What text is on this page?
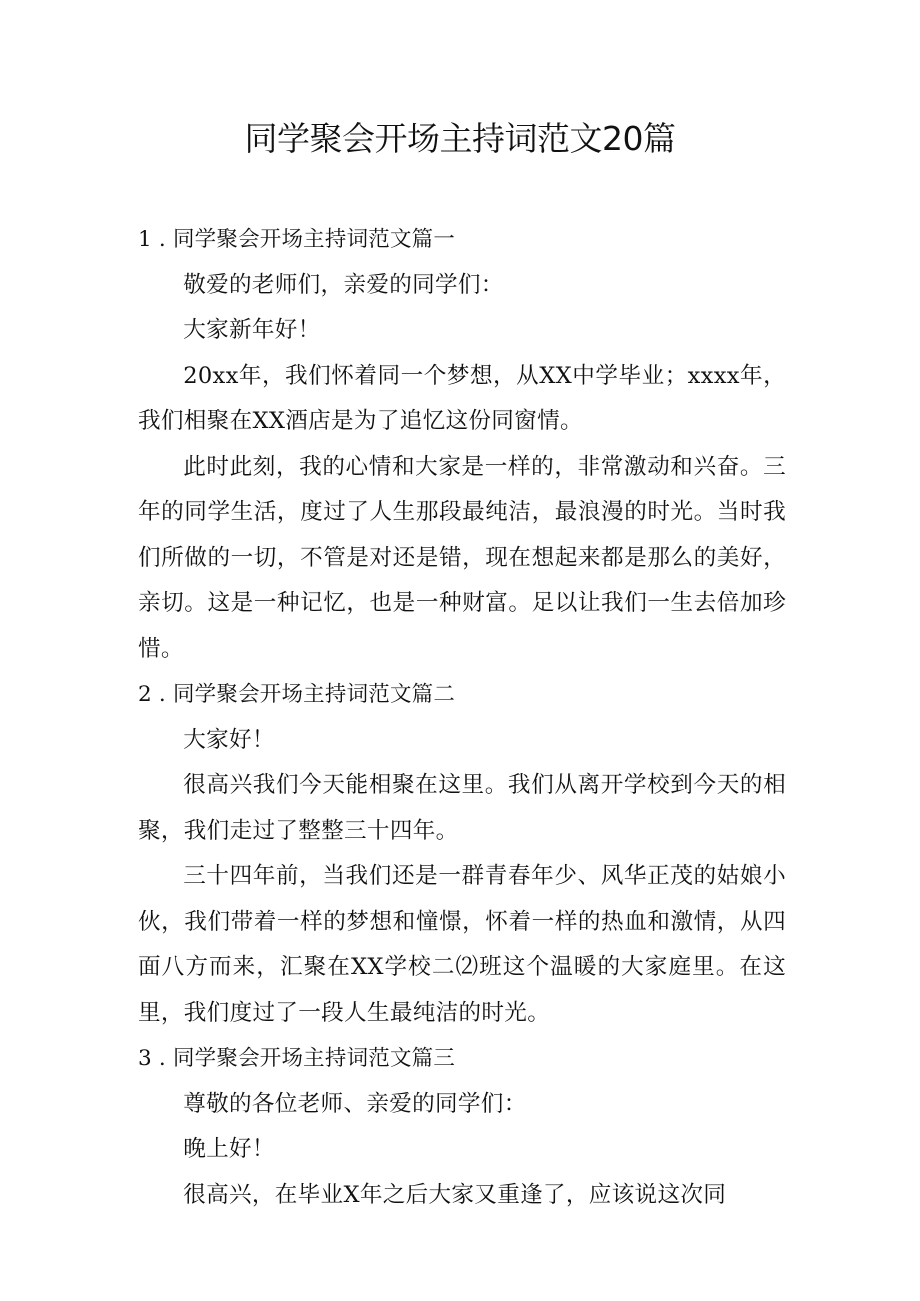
同学聚会开场主持词范文20篇

1 . 同学聚会开场主持词范文篇一

敬爱的老师们，亲爱的同学们：

大家新年好！

20xx年，我们怀着同一个梦想，从XX中学毕业；xxxx年，我们相聚在XX酒店是为了追忆这份同窗情。

此时此刻，我的心情和大家是一样的，非常激动和兴奋。三年的同学生活，度过了人生那段最纯洁，最浪漫的时光。当时我们所做的一切，不管是对还是错，现在想起来都是那么的美好，亲切。这是一种记忆，也是一种财富。足以让我们一生去倍加珍惜。

2 . 同学聚会开场主持词范文篇二

大家好！

很高兴我们今天能相聚在这里。我们从离开学校到今天的相聚，我们走过了整整三十四年。

三十四年前，当我们还是一群青春年少、风华正茂的姑娘小伙，我们带着一样的梦想和憧憬，怀着一样的热血和激情，从四面八方而来，汇聚在XX学校二⑵班这个温暖的大家庭里。在这里，我们度过了一段人生最纯洁的时光。

3 . 同学聚会开场主持词范文篇三

尊敬的各位老师、亲爱的同学们：

晚上好！

很高兴，在毕业X年之后大家又重逢了，应该说这次同
